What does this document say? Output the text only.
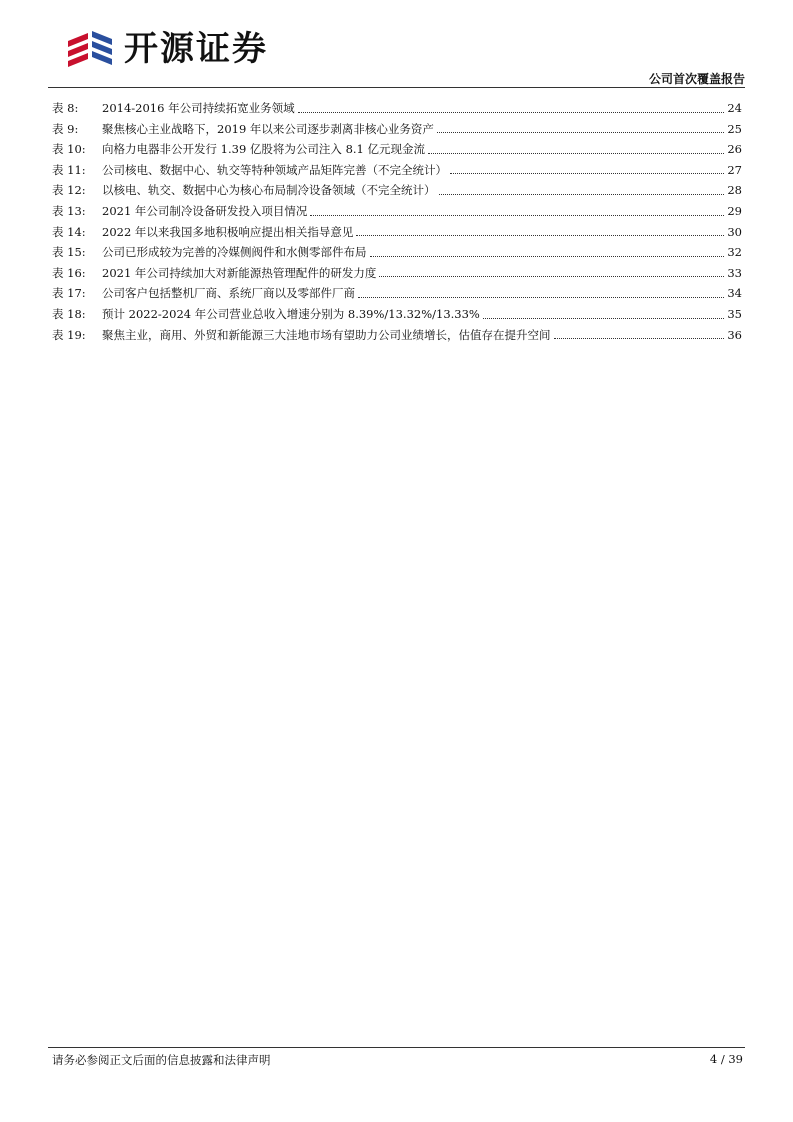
开源证券
公司首次覆盖报告
表 8:	2014-2016 年公司持续拓宽业务领域	24
表 9:	聚焦核心主业战略下，2019 年以来公司逐步剥离非核心业务资产	25
表 10:	向格力电器非公开发行 1.39 亿股将为公司注入 8.1 亿元现金流	26
表 11:	公司核电、数据中心、轨交等特种领域产品矩阵完善（不完全统计）	27
表 12:	以核电、轨交、数据中心为核心布局制冷设备领域（不完全统计）	28
表 13:	2021 年公司制冷设备研发投入项目情况	29
表 14:	2022 年以来我国多地积极响应提出相关指导意见	30
表 15:	公司已形成较为完善的冷媒侧阀件和水侧零部件布局	32
表 16:	2021 年公司持续加大对新能源热管理配件的研发力度	33
表 17:	公司客户包括整机厂商、系统厂商以及零部件厂商	34
表 18:	预计 2022-2024 年公司营业总收入增速分别为 8.39%/13.32%/13.33%	35
表 19:	聚焦主业，商用、外贸和新能源三大洼地市场有望助力公司业绩增长，估值存在提升空间	36
请务必参阅正文后面的信息披露和法律声明	4 / 39
